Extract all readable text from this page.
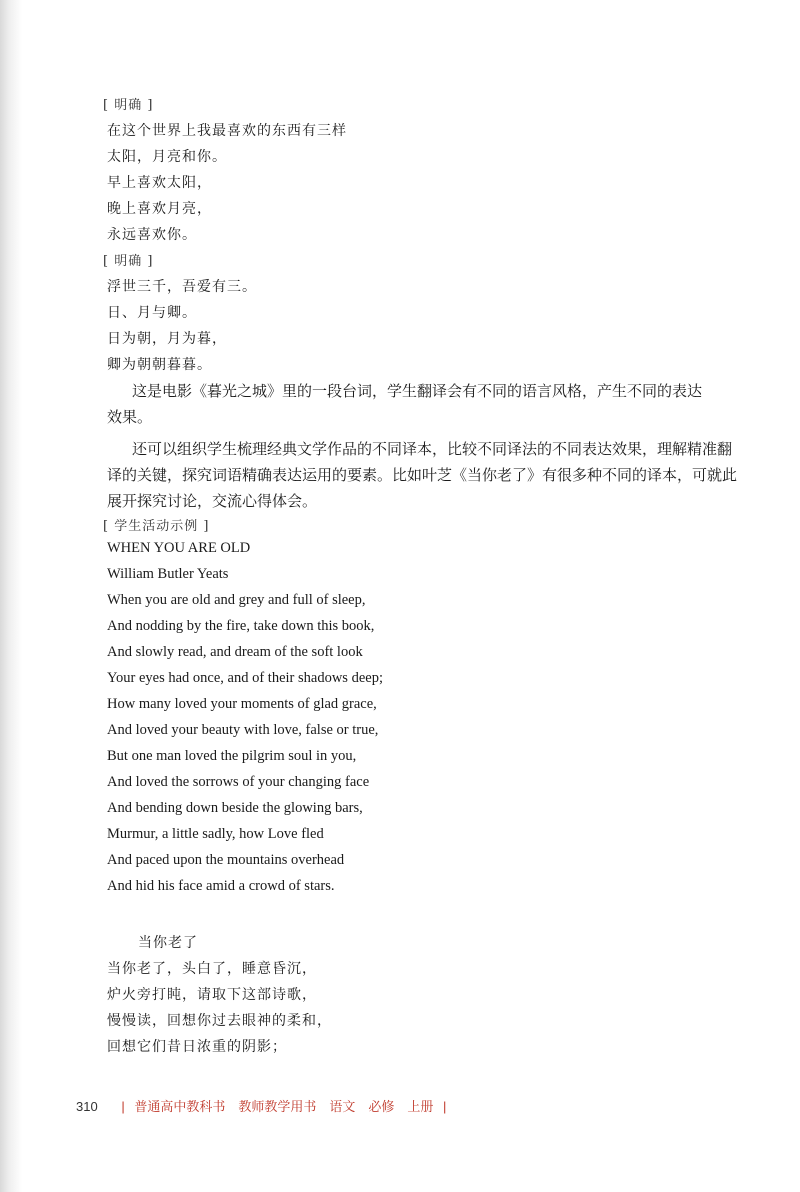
[ 明确 ]
在这个世界上我最喜欢的东西有三样
太阳，月亮和你。
早上喜欢太阳，
晚上喜欢月亮，
永远喜欢你。
[ 明确 ]
浮世三千，吾爱有三。
日、月与卿。
日为朝，月为暮，
卿为朝朝暮暮。
这是电影《暮光之城》里的一段台词，学生翻译会有不同的语言风格，产生不同的表达
效果。
还可以组织学生梳理经典文学作品的不同译本，比较不同译法的不同表达效果，理解精准翻
译的关键，探究词语精确表达运用的要素。比如叶芝《当你老了》有很多种不同的译本，可就此
展开探究讨论，交流心得体会。
[ 学生活动示例 ]
WHEN YOU ARE OLD
William Butler Yeats
When you are old and grey and full of sleep,
And nodding by the fire, take down this book,
And slowly read, and dream of the soft look
Your eyes had once, and of their shadows deep;
How many loved your moments of glad grace,
And loved your beauty with love, false or true,
But one man loved the pilgrim soul in you,
And loved the sorrows of your changing face
And bending down beside the glowing bars,
Murmur, a little sadly, how Love fled
And paced upon the mountains overhead
And hid his face amid a crowd of stars.
当你老了
当你老了，头白了，睡意昏沉，
炉火旁打盹，请取下这部诗歌，
慢慢读，回想你过去眼神的柔和，
回想它们昔日浓重的阴影；
310 | 普通高中教科书　教师教学用书　语文　必修　上册 |
